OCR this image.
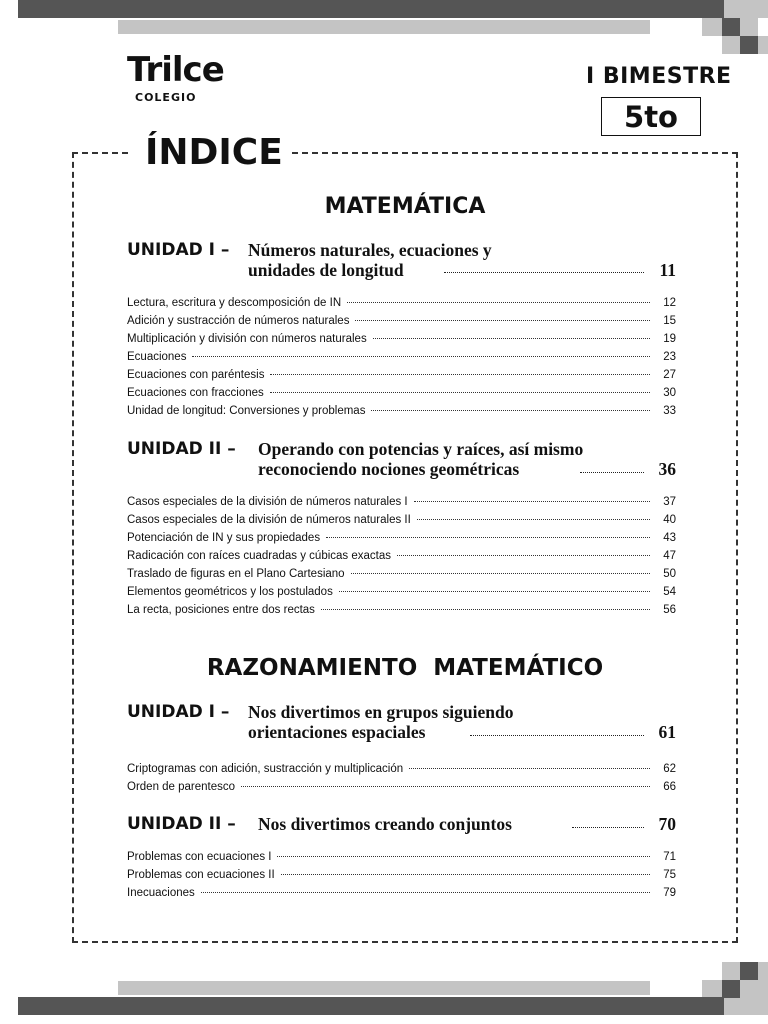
Trilce
COLEGIO
I BIMESTRE
5to
ÍNDICE
MATEMÁTICA
UNIDAD I – Números naturales, ecuaciones y
unidades de longitud	11
Lectura, escritura y descomposición de IN	12
Adición y sustracción de números naturales	15
Multiplicación y división con números naturales	19
Ecuaciones	23
Ecuaciones con paréntesis	27
Ecuaciones con fracciones	30
Unidad de longitud: Conversiones y problemas	33
UNIDAD II – Operando con potencias y raíces, así mismo
reconociendo nociones geométricas	36
Casos especiales de la división de números naturales I	37
Casos especiales de la división de números naturales II	40
Potenciación de IN y sus propiedades	43
Radicación con raíces cuadradas y cúbicas exactas	47
Traslado de figuras en el Plano Cartesiano	50
Elementos geométricos y los postulados	54
La recta, posiciones entre dos rectas	56
RAZONAMIENTO  MATEMÁTICO
UNIDAD I – Nos divertimos en grupos siguiendo
orientaciones espaciales	61
Criptogramas con adición, sustracción y multiplicación	62
Orden de parentesco	66
UNIDAD II – Nos divertimos creando conjuntos	70
Problemas con ecuaciones I	71
Problemas con ecuaciones II	75
Inecuaciones	79
